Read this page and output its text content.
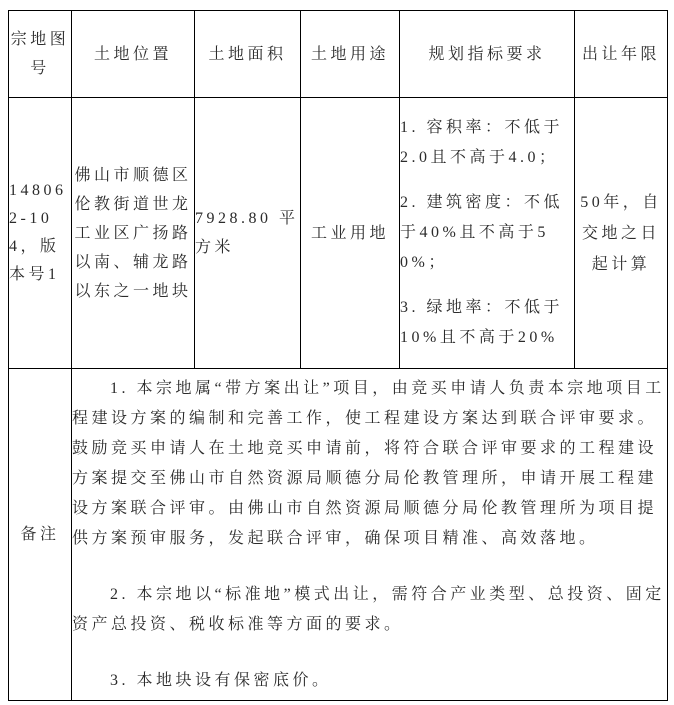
宗地图号	土地位置	土地面积	土地用途	规划指标要求	出让年限
148062-104，版本号1	佛山市顺德区伦教街道世龙工业区广扬路以南、辅龙路以东之一地块	7928.80 平方米	工业用地	1. 容积率：不低于2.0且不高于4.0；

2. 建筑密度：不低于40%且不高于50%；

3. 绿地率：不低于10%且不高于20%	50年，自交地之日起计算
备注	1. 本宗地属“带方案出让”项目，由竞买申请人负责本宗地项目工程建设方案的编制和完善工作，使工程建设方案达到联合评审要求。鼓励竞买申请人在土地竞买申请前，将符合联合评审要求的工程建设方案提交至佛山市自然资源局顺德分局伦教管理所，申请开展工程建设方案联合评审。由佛山市自然资源局顺德分局伦教管理所为项目提供方案预审服务，发起联合评审，确保项目精准、高效落地。

2. 本宗地以“标准地”模式出让，需符合产业类型、总投资、固定资产总投资、税收标准等方面的要求。

3. 本地块设有保密底价。				
